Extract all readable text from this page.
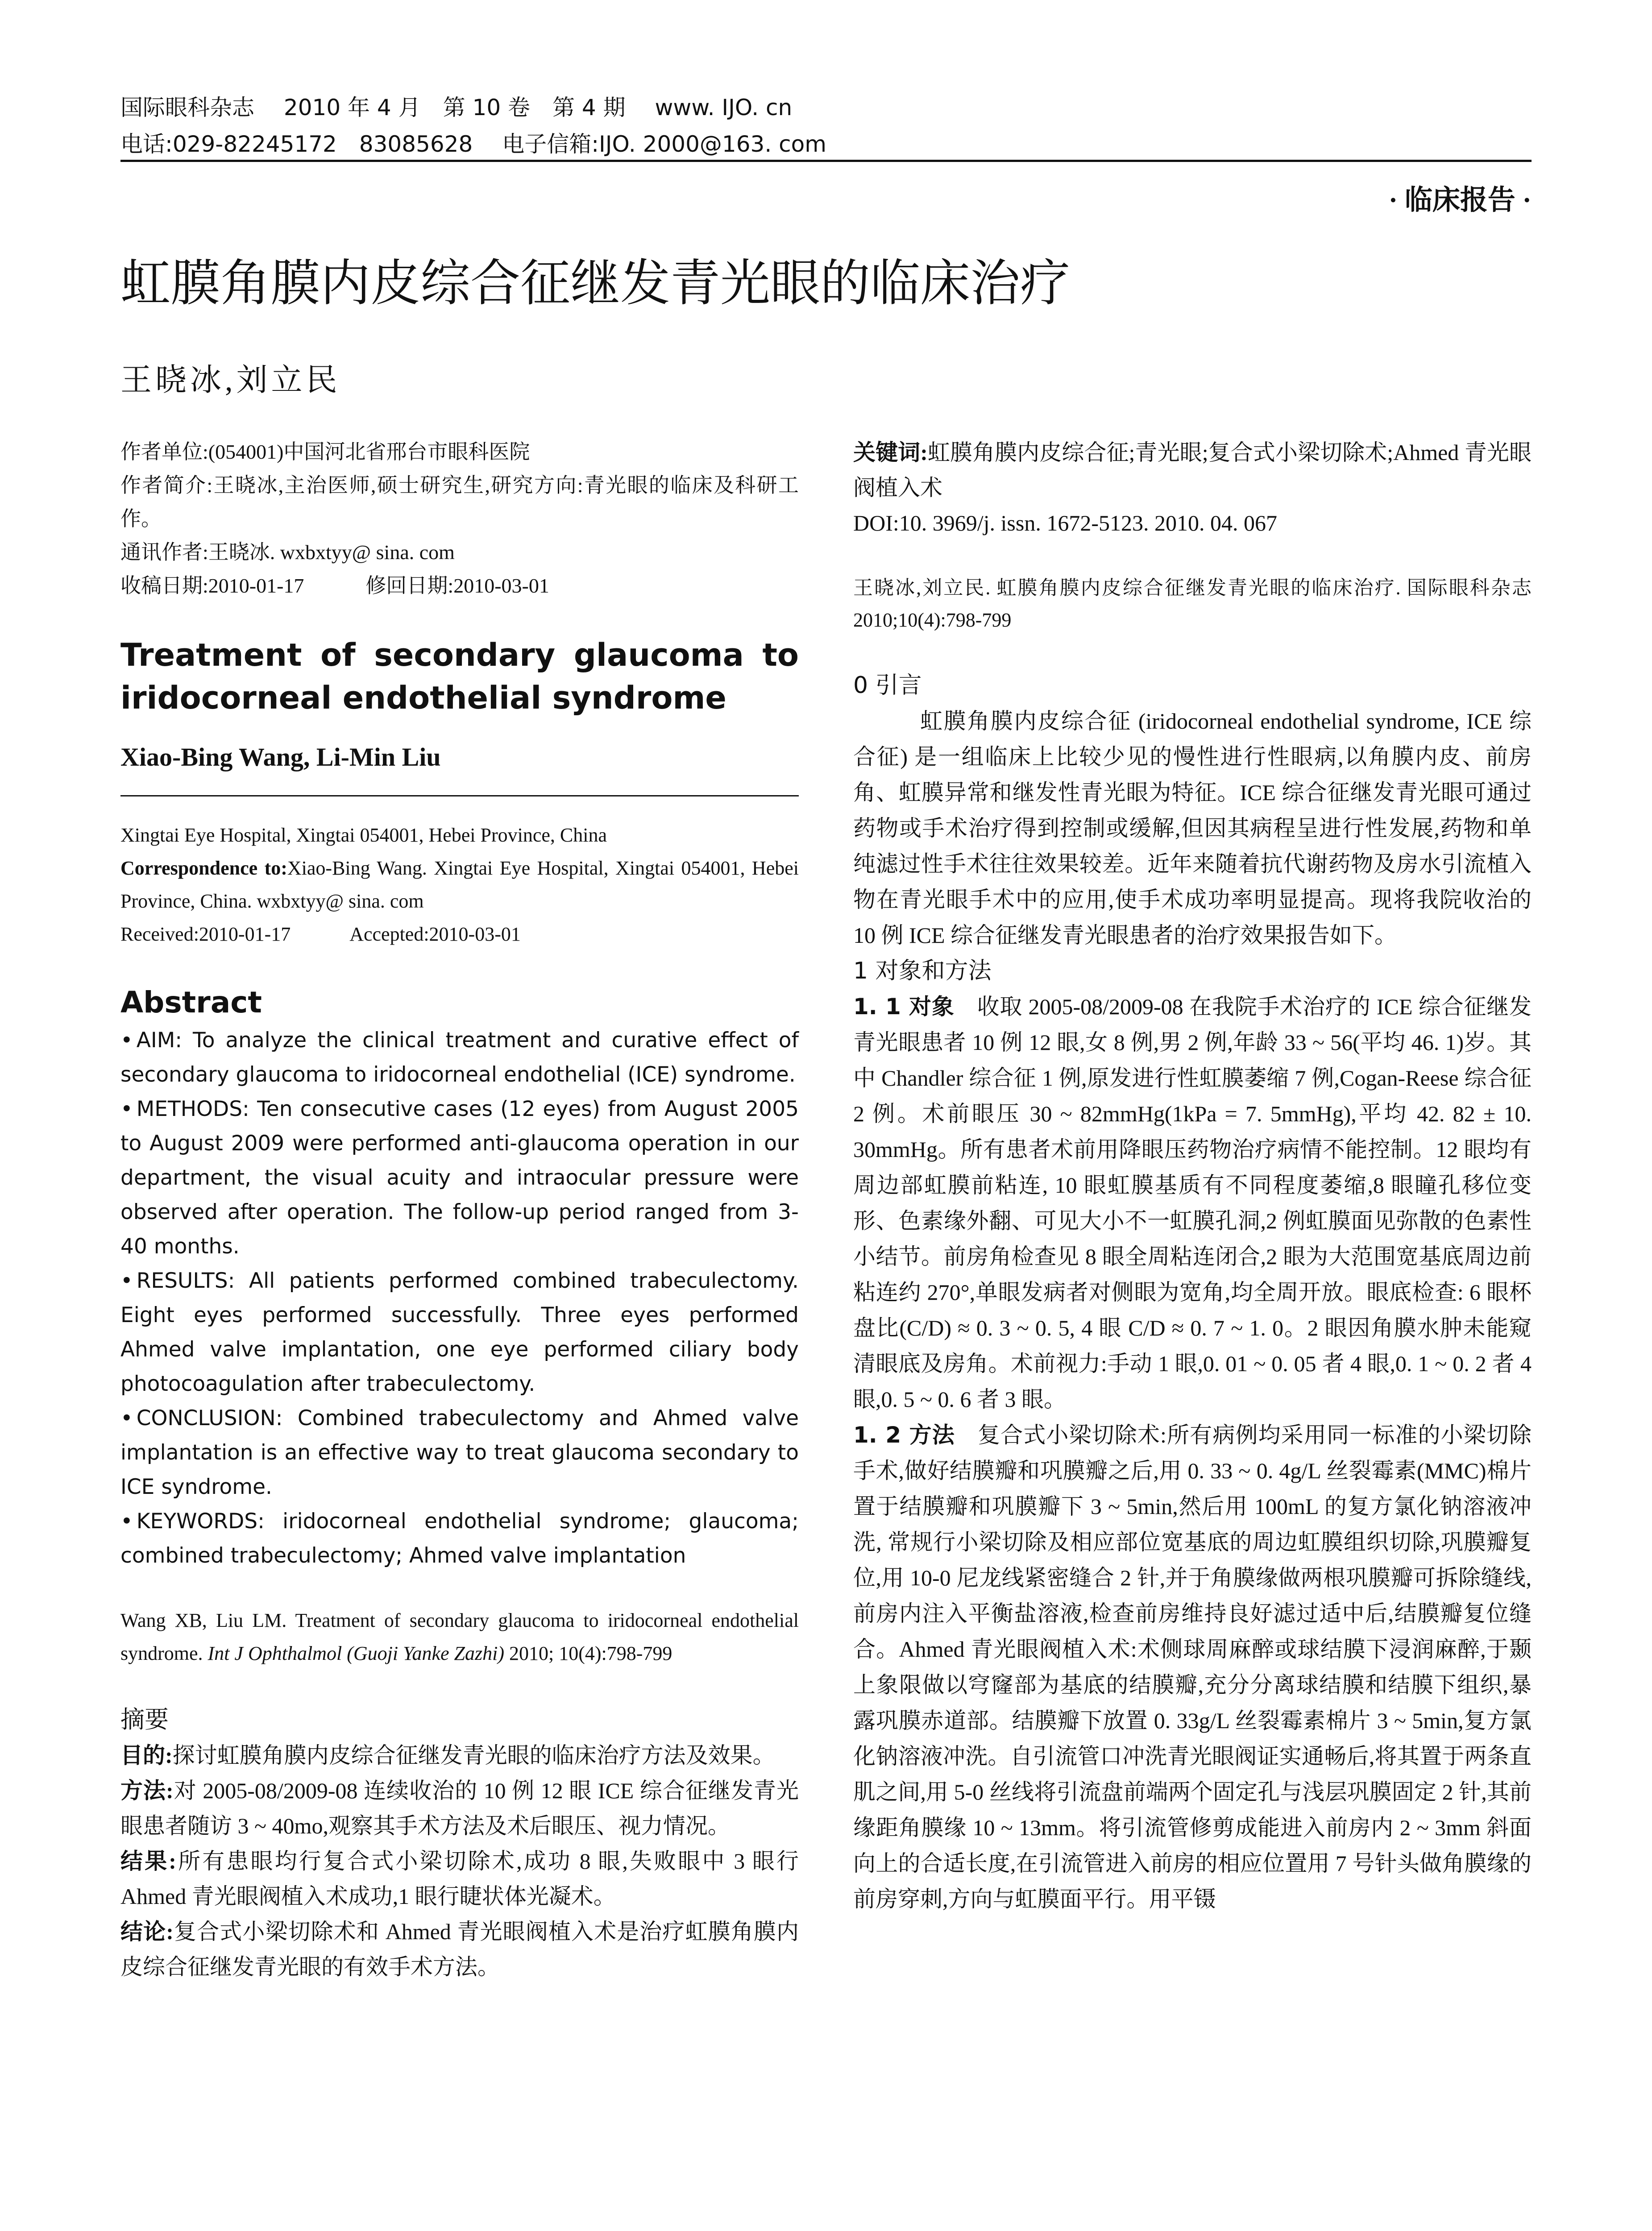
国际眼科杂志　 2010 年 4 月　第 10 卷　第 4 期　 www. IJO. cn
电话:029-82245172　83085628　 电子信箱:IJO. 2000@163. com
· 临床报告 ·
虹膜角膜内皮综合征继发青光眼的临床治疗
王晓冰,刘立民

作者单位:(054001)中国河北省邢台市眼科医院

作者简介:王晓冰,主治医师,硕士研究生,研究方向:青光眼的临床及科研工作。

通讯作者:王晓冰. wxbxtyy@ sina. com

收稿日期:2010-01-17　　　修回日期:2010-03-01

Treatment of secondary glaucoma to iridocorneal endothelial syndrome

Xiao-Bing Wang, Li-Min Liu

Xingtai Eye Hospital, Xingtai 054001, Hebei Province, China

Correspondence to:Xiao-Bing Wang. Xingtai Eye Hospital, Xingtai 054001, Hebei Province, China. wxbxtyy@ sina. com

Received:2010-01-17　　　Accepted:2010-03-01

Abstract

• AIM: To analyze the clinical treatment and curative effect of secondary glaucoma to iridocorneal endothelial (ICE) syndrome.

• METHODS: Ten consecutive cases (12 eyes) from August 2005 to August 2009 were performed anti-glaucoma operation in our department, the visual acuity and intraocular pressure were observed after operation. The follow-up period ranged from 3-40 months.

• RESULTS: All patients performed combined trabeculectomy. Eight eyes performed successfully. Three eyes performed Ahmed valve implantation, one eye performed ciliary body photocoagulation after trabeculectomy.

• CONCLUSION: Combined trabeculectomy and Ahmed valve implantation is an effective way to treat glaucoma secondary to ICE syndrome.

• KEYWORDS: iridocorneal endothelial syndrome; glaucoma; combined trabeculectomy; Ahmed valve implantation

Wang XB, Liu LM. Treatment of secondary glaucoma to iridocorneal endothelial syndrome. Int J Ophthalmol (Guoji Yanke Zazhi) 2010; 10(4):798-799

摘要

目的:探讨虹膜角膜内皮综合征继发青光眼的临床治疗方法及效果。

方法:对 2005-08/2009-08 连续收治的 10 例 12 眼 ICE 综合征继发青光眼患者随访 3 ~ 40mo,观察其手术方法及术后眼压、视力情况。

结果:所有患眼均行复合式小梁切除术,成功 8 眼,失败眼中 3 眼行 Ahmed 青光眼阀植入术成功,1 眼行睫状体光凝术。

结论:复合式小梁切除术和 Ahmed 青光眼阀植入术是治疗虹膜角膜内皮综合征继发青光眼的有效手术方法。

关键词:虹膜角膜内皮综合征;青光眼;复合式小梁切除术;Ahmed 青光眼阀植入术

DOI:10. 3969/j. issn. 1672-5123. 2010. 04. 067

王晓冰,刘立民. 虹膜角膜内皮综合征继发青光眼的临床治疗. 国际眼科杂志 2010;10(4):798-799

0 引言

虹膜角膜内皮综合征 (iridocorneal endothelial syndrome, ICE 综合征) 是一组临床上比较少见的慢性进行性眼病,以角膜内皮、前房角、虹膜异常和继发性青光眼为特征。ICE 综合征继发青光眼可通过药物或手术治疗得到控制或缓解,但因其病程呈进行性发展,药物和单纯滤过性手术往往效果较差。近年来随着抗代谢药物及房水引流植入物在青光眼手术中的应用,使手术成功率明显提高。现将我院收治的 10 例 ICE 综合征继发青光眼患者的治疗效果报告如下。

1 对象和方法

1. 1 对象　收取 2005-08/2009-08 在我院手术治疗的 ICE 综合征继发青光眼患者 10 例 12 眼,女 8 例,男 2 例,年龄 33 ~ 56(平均 46. 1)岁。其中 Chandler 综合征 1 例,原发进行性虹膜萎缩 7 例,Cogan-Reese 综合征 2 例。术前眼压 30 ~ 82mmHg(1kPa = 7. 5mmHg),平均 42. 82 ± 10. 30mmHg。所有患者术前用降眼压药物治疗病情不能控制。12 眼均有周边部虹膜前粘连, 10 眼虹膜基质有不同程度萎缩,8 眼瞳孔移位变形、色素缘外翻、可见大小不一虹膜孔洞,2 例虹膜面见弥散的色素性小结节。前房角检查见 8 眼全周粘连闭合,2 眼为大范围宽基底周边前粘连约 270°,单眼发病者对侧眼为宽角,均全周开放。眼底检查: 6 眼杯盘比(C/D) ≈ 0. 3 ~ 0. 5, 4 眼 C/D ≈ 0. 7 ~ 1. 0。2 眼因角膜水肿未能窥清眼底及房角。术前视力:手动 1 眼,0. 01 ~ 0. 05 者 4 眼,0. 1 ~ 0. 2 者 4 眼,0. 5 ~ 0. 6 者 3 眼。

1. 2 方法　复合式小梁切除术:所有病例均采用同一标准的小梁切除手术,做好结膜瓣和巩膜瓣之后,用 0. 33 ~ 0. 4g/L 丝裂霉素(MMC)棉片置于结膜瓣和巩膜瓣下 3 ~ 5min,然后用 100mL 的复方氯化钠溶液冲洗, 常规行小梁切除及相应部位宽基底的周边虹膜组织切除,巩膜瓣复位,用 10-0 尼龙线紧密缝合 2 针,并于角膜缘做两根巩膜瓣可拆除缝线,前房内注入平衡盐溶液,检查前房维持良好滤过适中后,结膜瓣复位缝合。Ahmed 青光眼阀植入术:术侧球周麻醉或球结膜下浸润麻醉,于颞上象限做以穹窿部为基底的结膜瓣,充分分离球结膜和结膜下组织,暴露巩膜赤道部。结膜瓣下放置 0. 33g/L 丝裂霉素棉片 3 ~ 5min,复方氯化钠溶液冲洗。自引流管口冲洗青光眼阀证实通畅后,将其置于两条直肌之间,用 5-0 丝线将引流盘前端两个固定孔与浅层巩膜固定 2 针,其前缘距角膜缘 10 ~ 13mm。将引流管修剪成能进入前房内 2 ~ 3mm 斜面向上的合适长度,在引流管进入前房的相应位置用 7 号针头做角膜缘的前房穿刺,方向与虹膜面平行。用平镊
